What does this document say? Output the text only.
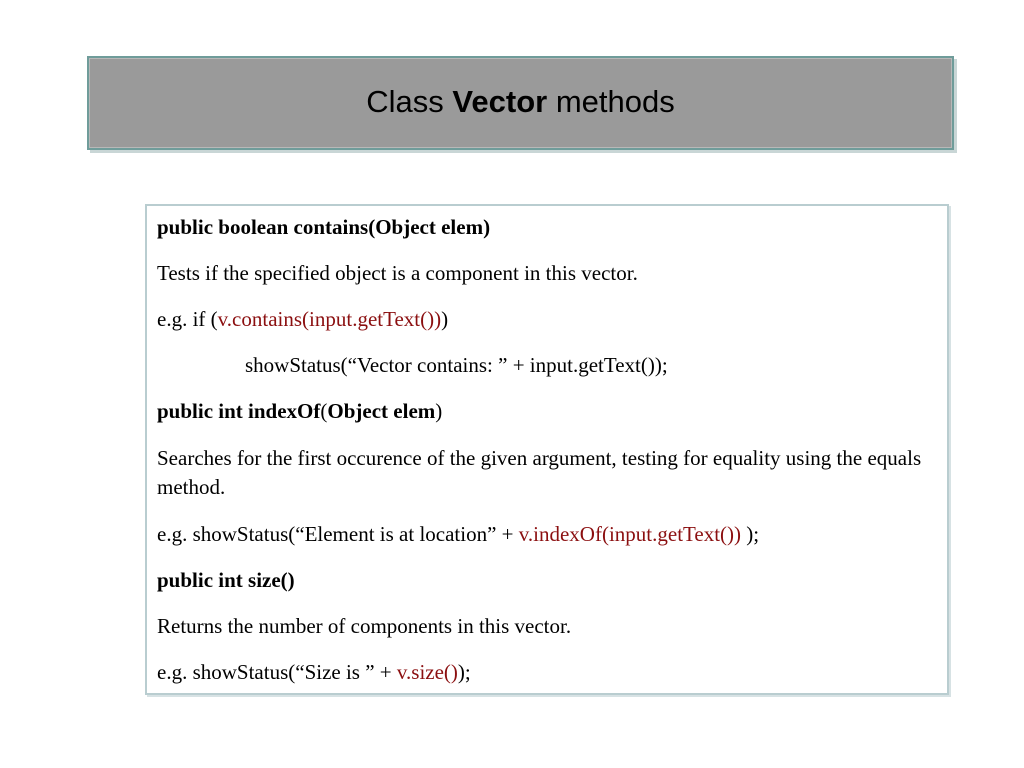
Class Vector methods

public boolean contains(Object elem)

Tests if the specified object is a component in this vector.

e.g. if (v.contains(input.getText()))

showStatus(“Vector contains: ” + input.getText());

public int indexOf(Object elem)

Searches for the first occurence of the given argument, testing for equality using the equals method.

e.g. showStatus(“Element is at location” + v.indexOf(input.getText()) );

public int size()

Returns the number of components in this vector.

e.g. showStatus(“Size is ” + v.size());
